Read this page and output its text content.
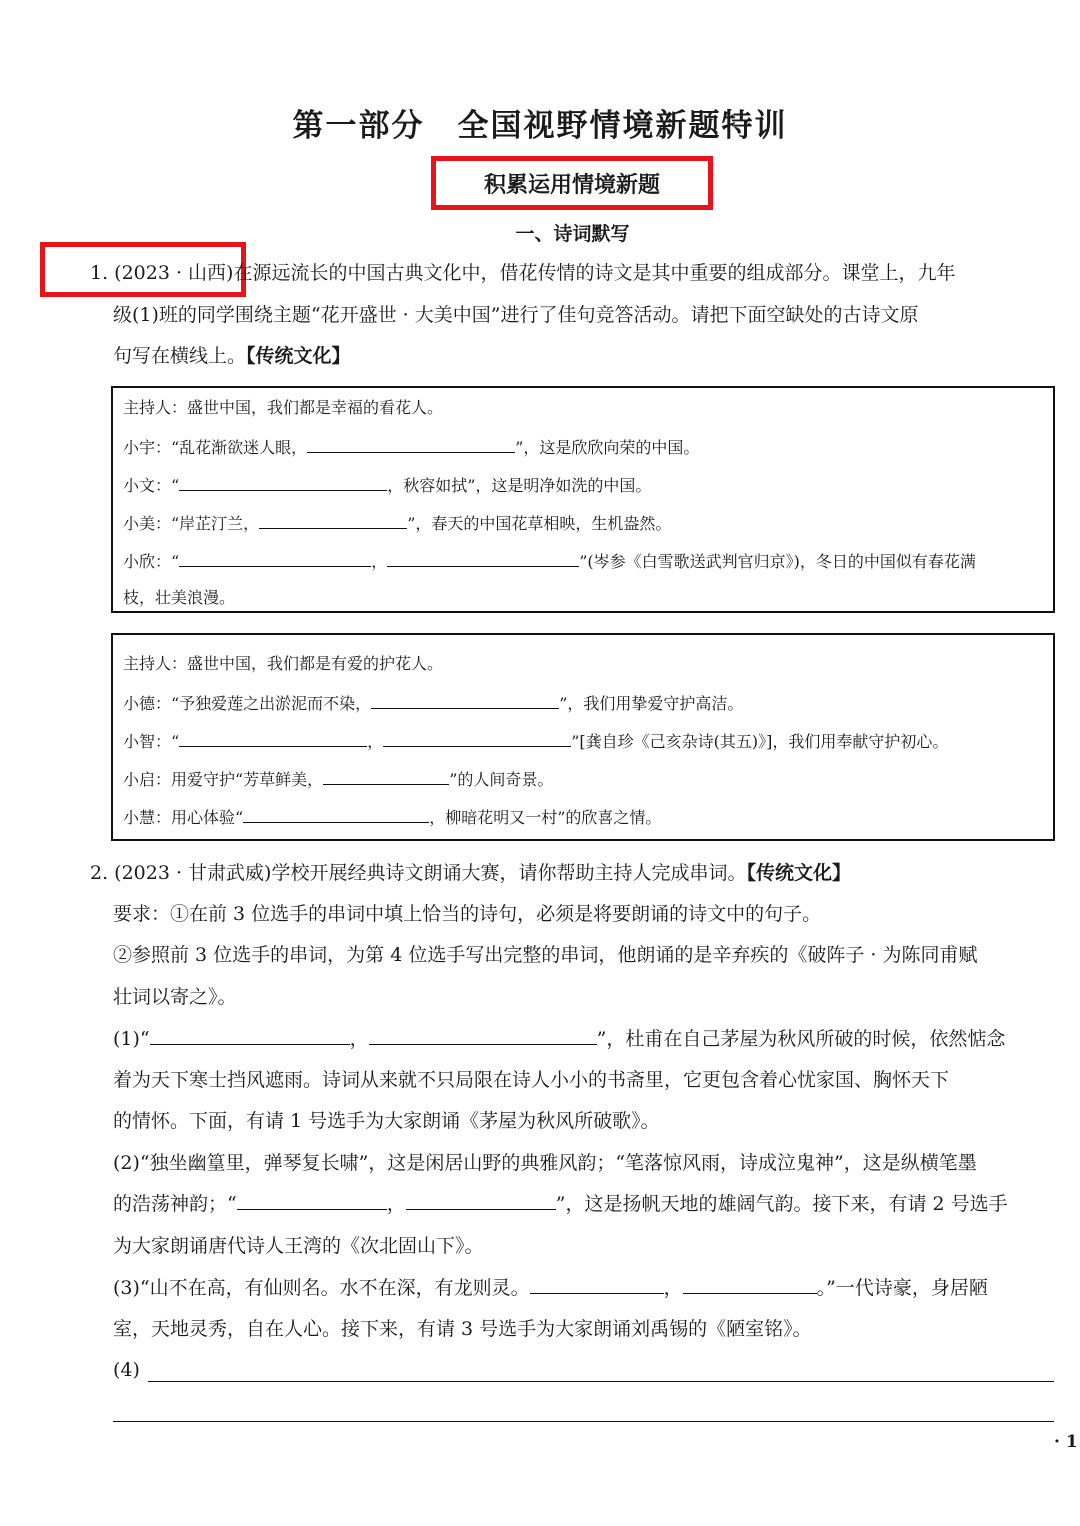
第一部分　全国视野情境新题特训
积累运用情境新题
一、诗词默写
1. (2023 · 山西)在源远流长的中国古典文化中，借花传情的诗文是其中重要的组成部分。课堂上，九年
级(1)班的同学围绕主题“花开盛世 · 大美中国”进行了佳句竞答活动。请把下面空缺处的古诗文原
句写在横线上。【传统文化】
主持人：盛世中国，我们都是幸福的看花人。
小宇：“乱花渐欲迷人眼，	”，这是欣欣向荣的中国。
小文：“	，秋容如拭”，这是明净如洗的中国。
小美：“岸芷汀兰，	”，春天的中国花草相映，生机盎然。
小欣：“	，	”(岑参《白雪歌送武判官归京》)，冬日的中国似有春花满
枝，壮美浪漫。
主持人：盛世中国，我们都是有爱的护花人。
小德：“予独爱莲之出淤泥而不染，	”，我们用挚爱守护高洁。
小智：“	，	”[龚自珍《己亥杂诗(其五)》]，我们用奉献守护初心。
小启：用爱守护“芳草鲜美，	”的人间奇景。
小慧：用心体验“	，柳暗花明又一村”的欣喜之情。
2. (2023 · 甘肃武威)学校开展经典诗文朗诵大赛，请你帮助主持人完成串词。【传统文化】
要求：①在前 3 位选手的串词中填上恰当的诗句，必须是将要朗诵的诗文中的句子。
②参照前 3 位选手的串词，为第 4 位选手写出完整的串词，他朗诵的是辛弃疾的《破阵子 · 为陈同甫赋
壮词以寄之》。
(1)“	，	”，杜甫在自己茅屋为秋风所破的时候，依然惦念
着为天下寒士挡风遮雨。诗词从来就不只局限在诗人小小的书斋里，它更包含着心忧家国、胸怀天下
的情怀。下面，有请 1 号选手为大家朗诵《茅屋为秋风所破歌》。
(2)“独坐幽篁里，弹琴复长啸”，这是闲居山野的典雅风韵；“笔落惊风雨，诗成泣鬼神”，这是纵横笔墨
的浩荡神韵；“	，	”，这是扬帆天地的雄阔气韵。接下来，有请 2 号选手
为大家朗诵唐代诗人王湾的《次北固山下》。
(3)“山不在高，有仙则名。水不在深，有龙则灵。	，	。”一代诗豪，身居陋
室，天地灵秀，自在人心。接下来，有请 3 号选手为大家朗诵刘禹锡的《陋室铭》。
(4)
· 1
